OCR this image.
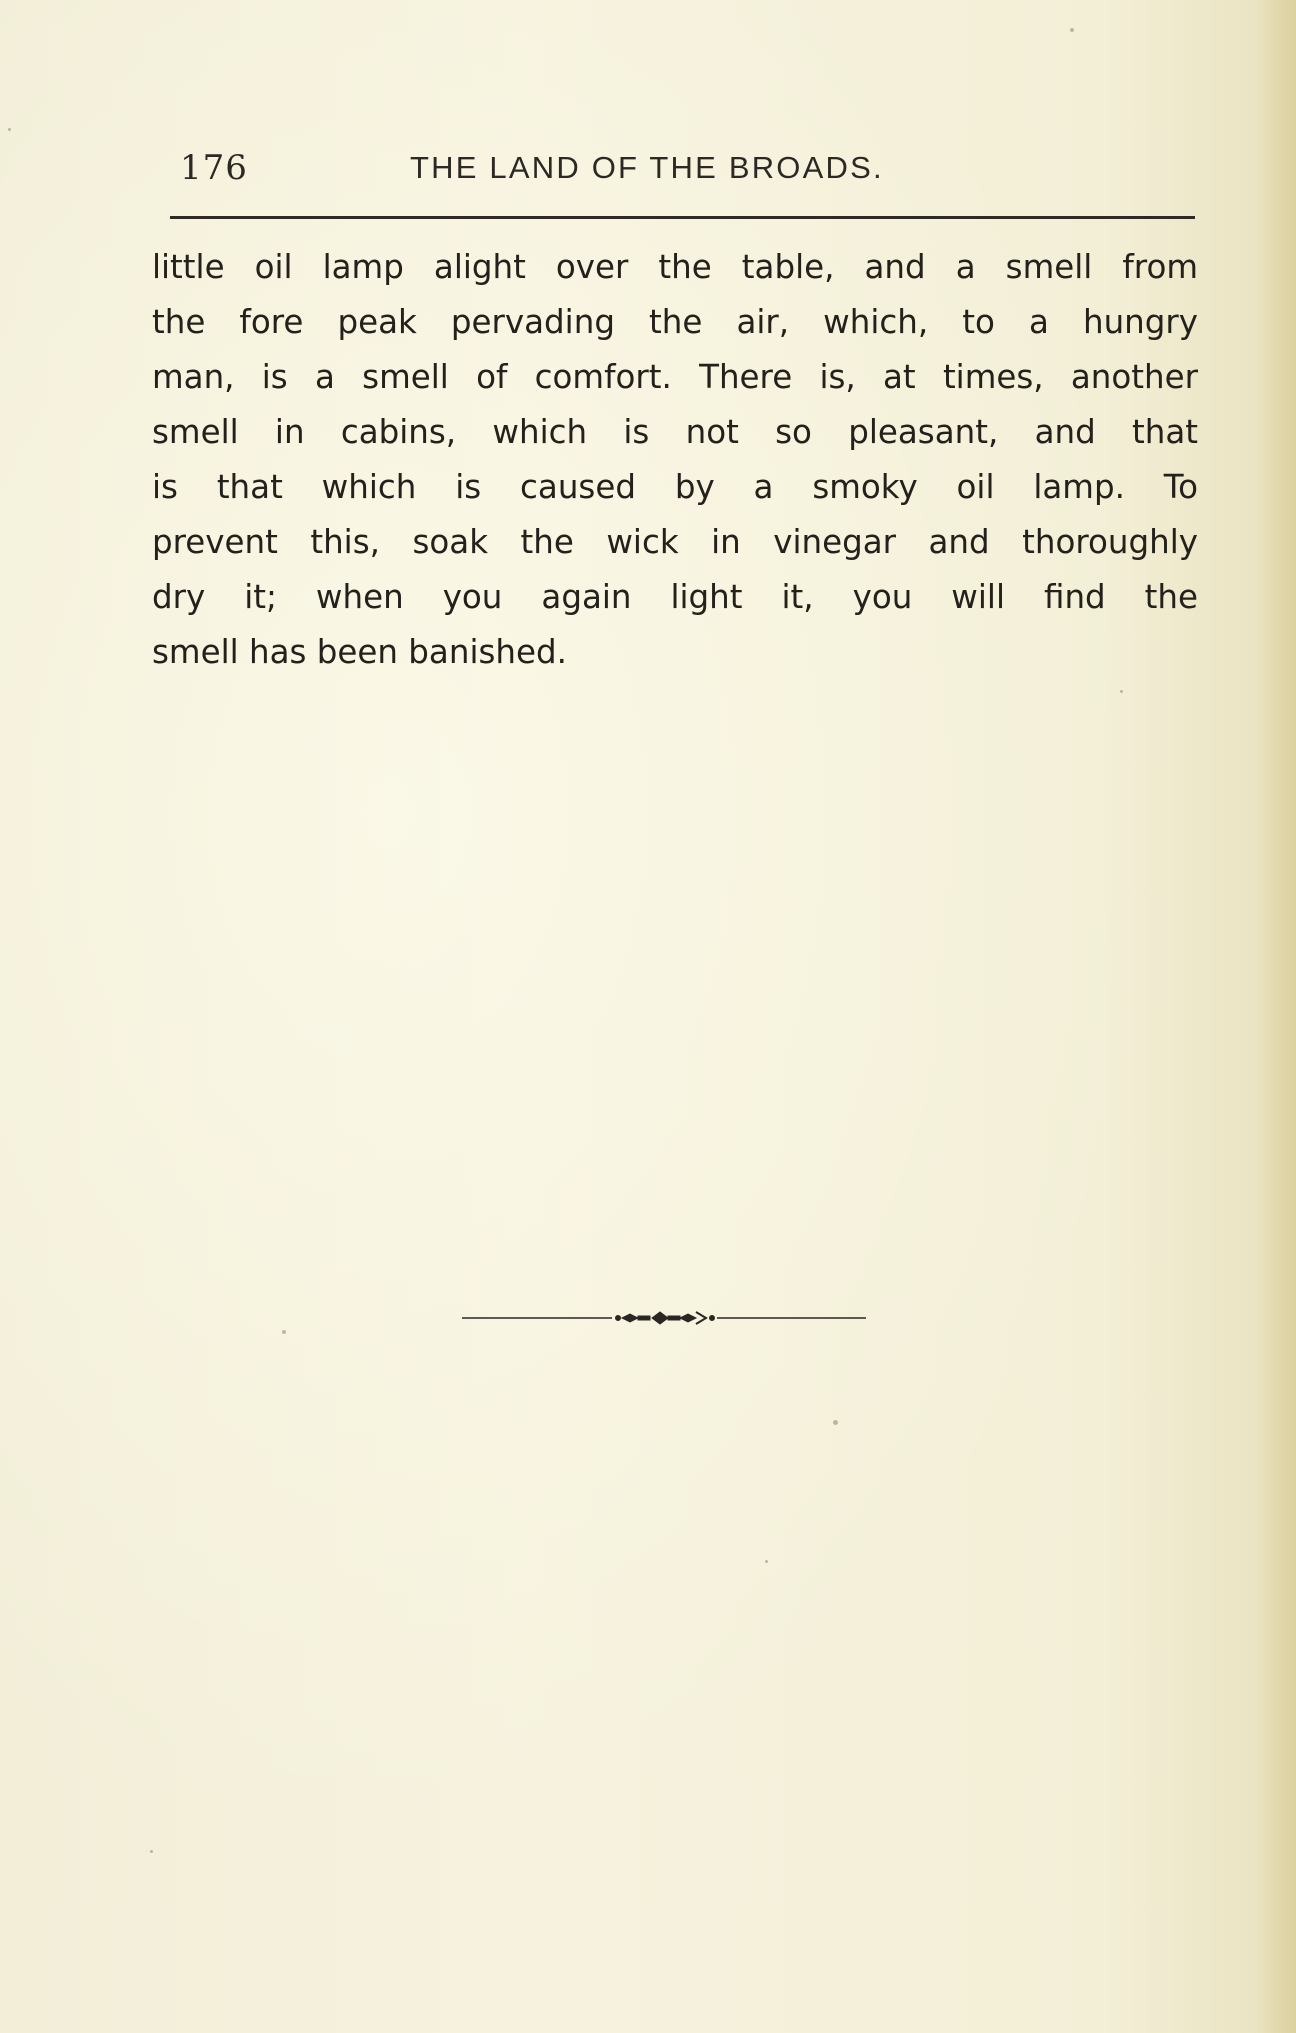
176	THE LAND OF THE BROADS.
little oil lamp alight over the table, and a smell from
the fore peak pervading the air, which, to a hungry
man, is a smell of comfort. There is, at times, another
smell in cabins, which is not so pleasant, and that
is that which is caused by a smoky oil lamp. To
prevent this, soak the wick in vinegar and thoroughly
dry it; when you again light it, you will find the
smell has been banished.
